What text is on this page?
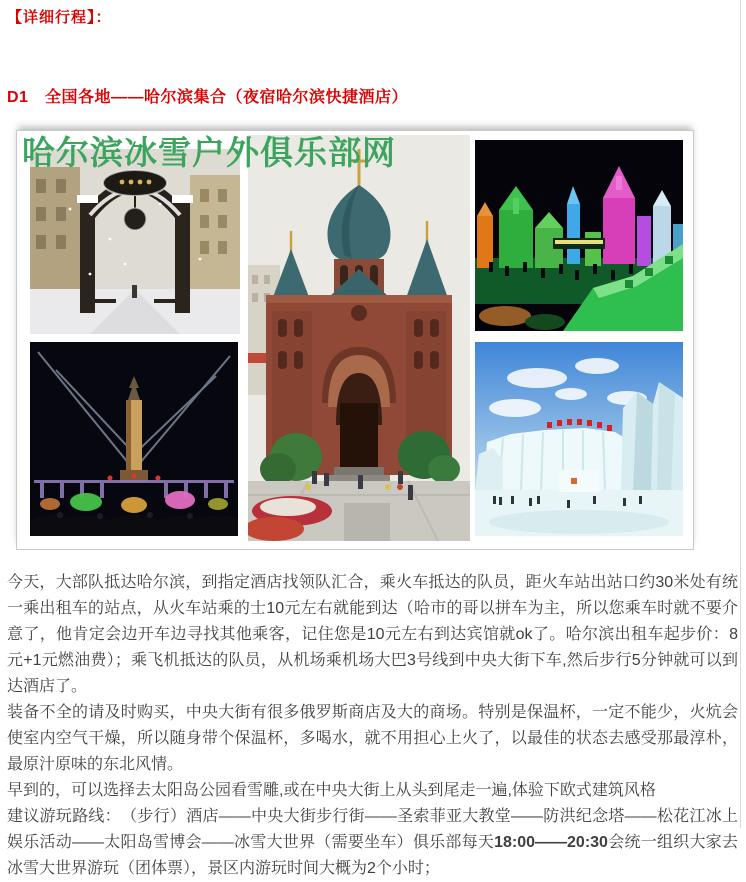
【详细行程】：
D1　全国各地——哈尔滨集合（夜宿哈尔滨快捷酒店）
哈尔滨冰雪户外俱乐部网

今天，大部队抵达哈尔滨，到指定酒店找领队汇合，乘火车抵达的队员，距火车站出站口约30米处有统一乘出租车的站点，从火车站乘的士10元左右就能到达（哈市的哥以拼车为主，所以您乘车时就不要介意了，他肯定会边开车边寻找其他乘客，记住您是10元左右到达宾馆就ok了。哈尔滨出租车起步价：8元+1元燃油费）；乘飞机抵达的队员，从机场乘机场大巴3号线到中央大街下车,然后步行5分钟就可以到达酒店了。

装备不全的请及时购买，中央大街有很多俄罗斯商店及大的商场。特别是保温杯，一定不能少，火炕会使室内空气干燥，所以随身带个保温杯，多喝水，就不用担心上火了，以最佳的状态去感受那最淳朴，最原汁原味的东北风情。

早到的，可以选择去太阳岛公园看雪雕,或在中央大街上从头到尾走一遍,体验下欧式建筑风格

建议游玩路线：　（步行）酒店——中央大街步行街——圣索菲亚大教堂——防洪纪念塔——松花江冰上娱乐活动——太阳岛雪博会——冰雪大世界（需要坐车）俱乐部每天18:00——20:30会统一组织大家去冰雪大世界游玩（团体票），景区内游玩时间大概为2个小时；
